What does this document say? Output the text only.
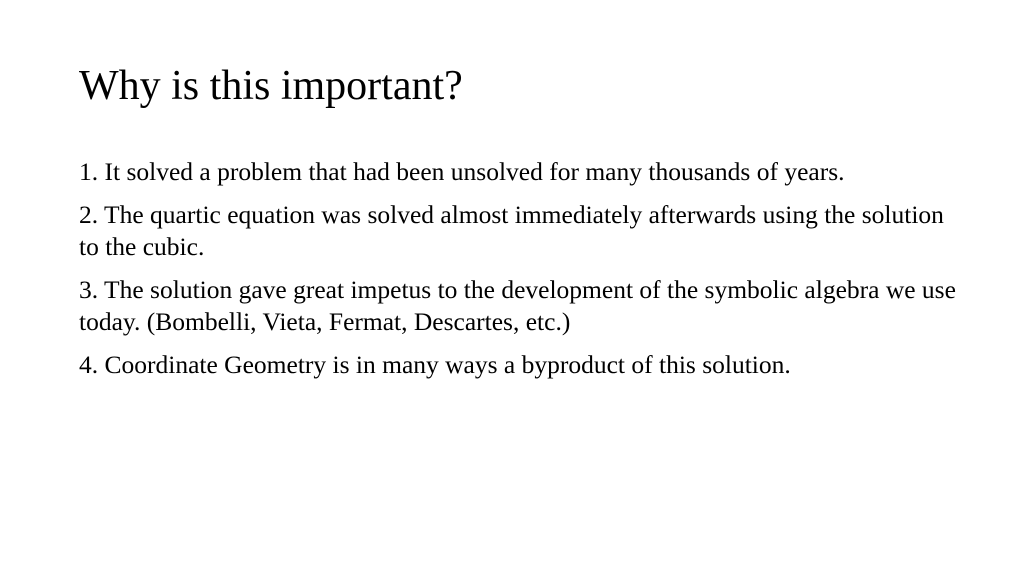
Why is this important?
1. It solved a problem that had been unsolved for many thousands of years.
2. The quartic equation was solved almost immediately afterwards using the solution to the cubic.
3. The solution gave great impetus to the development of the symbolic algebra we use today. (Bombelli, Vieta, Fermat, Descartes, etc.)
4. Coordinate Geometry is in many ways a byproduct of this solution.
